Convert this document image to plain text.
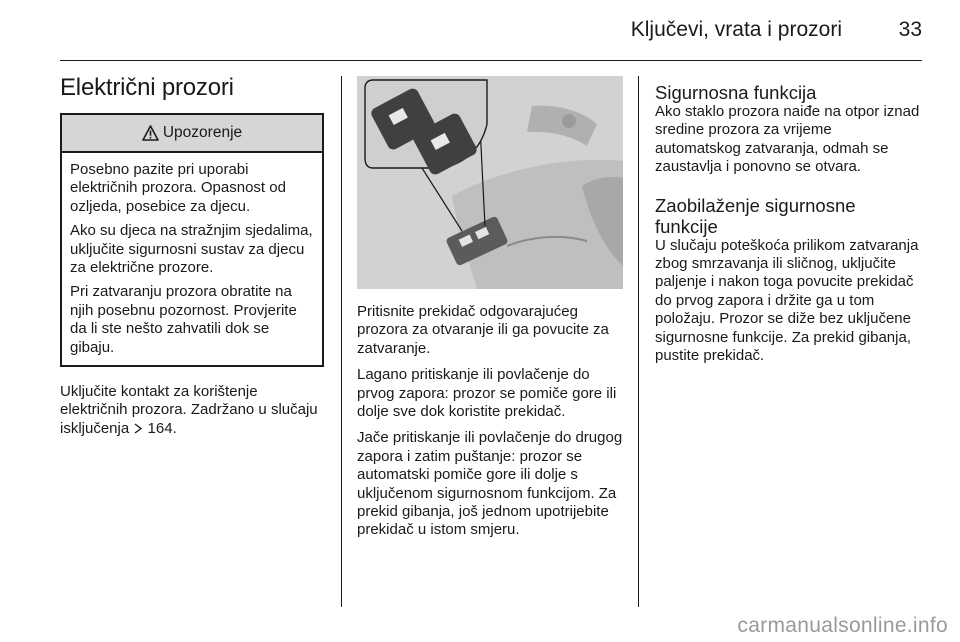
Ključevi, vrata i prozori	33
Električni prozori
Upozorenje

Posebno pazite pri uporabi električnih prozora. Opasnost od ozljeda, posebice za djecu.

Ako su djeca na stražnjim sjedalima, uključite sigurnosni sustav za djecu za električne prozore.

Pri zatvaranju prozora obratite na njih posebnu pozornost. Provjerite da li ste nešto zahvatili dok se gibaju.

Uključite kontakt za korištenje električnih prozora. Zadržano u slučaju isključenja 164.

Pritisnite prekidač odgovarajućeg prozora za otvaranje ili ga povucite za zatvaranje.

Lagano pritiskanje ili povlačenje do prvog zapora: prozor se pomiče gore ili dolje sve dok koristite prekidač.

Jače pritiskanje ili povlačenje do drugog zapora i zatim puštanje: prozor se automatski pomiče gore ili dolje s uključenom sigurnosnom funkcijom. Za prekid gibanja, još jednom upotrijebite prekidač u istom smjeru.

Sigurnosna funkcija

Ako staklo prozora naiđe na otpor iznad sredine prozora za vrijeme automatskog zatvaranja, odmah se zaustavlja i ponovno se otvara.

Zaobilaženje sigurnosne funkcije

U slučaju poteškoća prilikom zatvaranja zbog smrzavanja ili sličnog, uključite paljenje i nakon toga povucite prekidač do prvog zapora i držite ga u tom položaju. Prozor se diže bez uključene sigurnosne funkcije. Za prekid gibanja, pustite prekidač.

carmanualsonline.info
